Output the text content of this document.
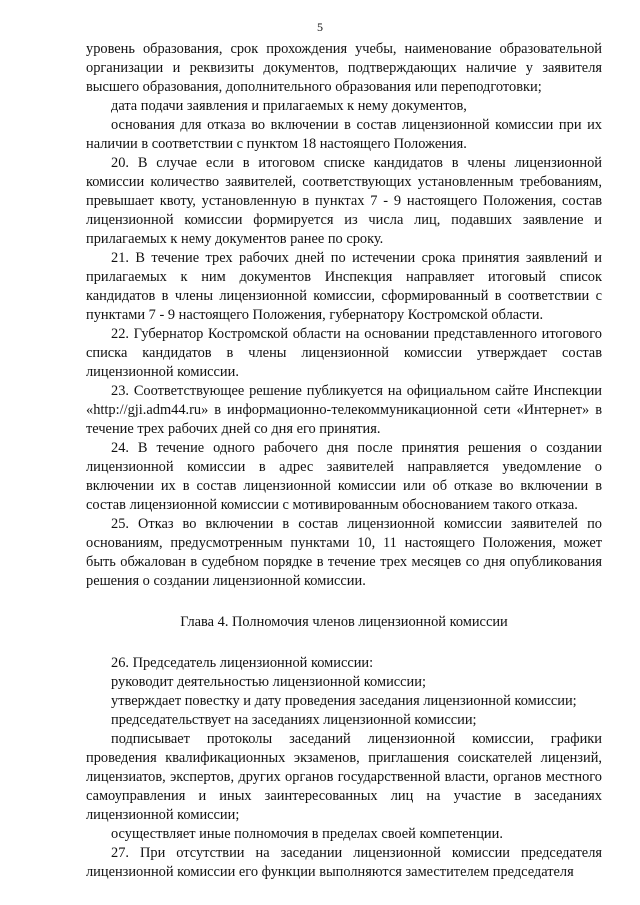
5

уровень образования, срок прохождения учебы, наименование образовательной организации и реквизиты документов, подтверждающих наличие у заявителя высшего образования, дополнительного образования или переподготовки;

дата подачи заявления и прилагаемых к нему документов,

основания для отказа во включении в состав лицензионной комиссии при их наличии в соответствии с пунктом 18 настоящего Положения.

20. В случае если в итоговом списке кандидатов в члены лицензионной комиссии количество заявителей, соответствующих установленным требованиям, превышает квоту, установленную в пунктах 7 - 9 настоящего Положения, состав лицензионной комиссии формируется из числа лиц, подавших заявление и прилагаемых к нему документов ранее по сроку.

21. В течение трех рабочих дней по истечении срока принятия заявлений и прилагаемых к ним документов Инспекция направляет итоговый список кандидатов в члены лицензионной комиссии, сформированный в соответствии с пунктами 7 - 9 настоящего Положения, губернатору Костромской области.

22. Губернатор Костромской области на основании представленного итогового списка кандидатов в члены лицензионной комиссии утверждает состав лицензионной комиссии.

23. Соответствующее решение публикуется на официальном сайте Инспекции «http://gji.adm44.ru» в информационно-телекоммуникационной сети «Интернет» в течение трех рабочих дней со дня его принятия.

24. В течение одного рабочего дня после принятия решения о создании лицензионной комиссии в адрес заявителей направляется уведомление о включении их в состав лицензионной комиссии или об отказе во включении в состав лицензионной комиссии с мотивированным обоснованием такого отказа.

25. Отказ во включении в состав лицензионной комиссии заявителей по основаниям, предусмотренным пунктами 10, 11 настоящего Положения, может быть обжалован в судебном порядке в течение трех месяцев со дня опубликования решения о создании лицензионной комиссии.

Глава 4. Полномочия членов лицензионной комиссии

26. Председатель лицензионной комиссии:

руководит деятельностью лицензионной комиссии;

утверждает повестку и дату проведения заседания лицензионной комиссии;

председательствует на заседаниях лицензионной комиссии;

подписывает протоколы заседаний лицензионной комиссии, графики проведения квалификационных экзаменов, приглашения соискателей лицензий, лицензиатов, экспертов, других органов государственной власти, органов местного самоуправления и иных заинтересованных лиц на участие в заседаниях лицензионной комиссии;

осуществляет иные полномочия в пределах своей компетенции.

27. При отсутствии на заседании лицензионной комиссии председателя лицензионной комиссии его функции выполняются заместителем председателя
